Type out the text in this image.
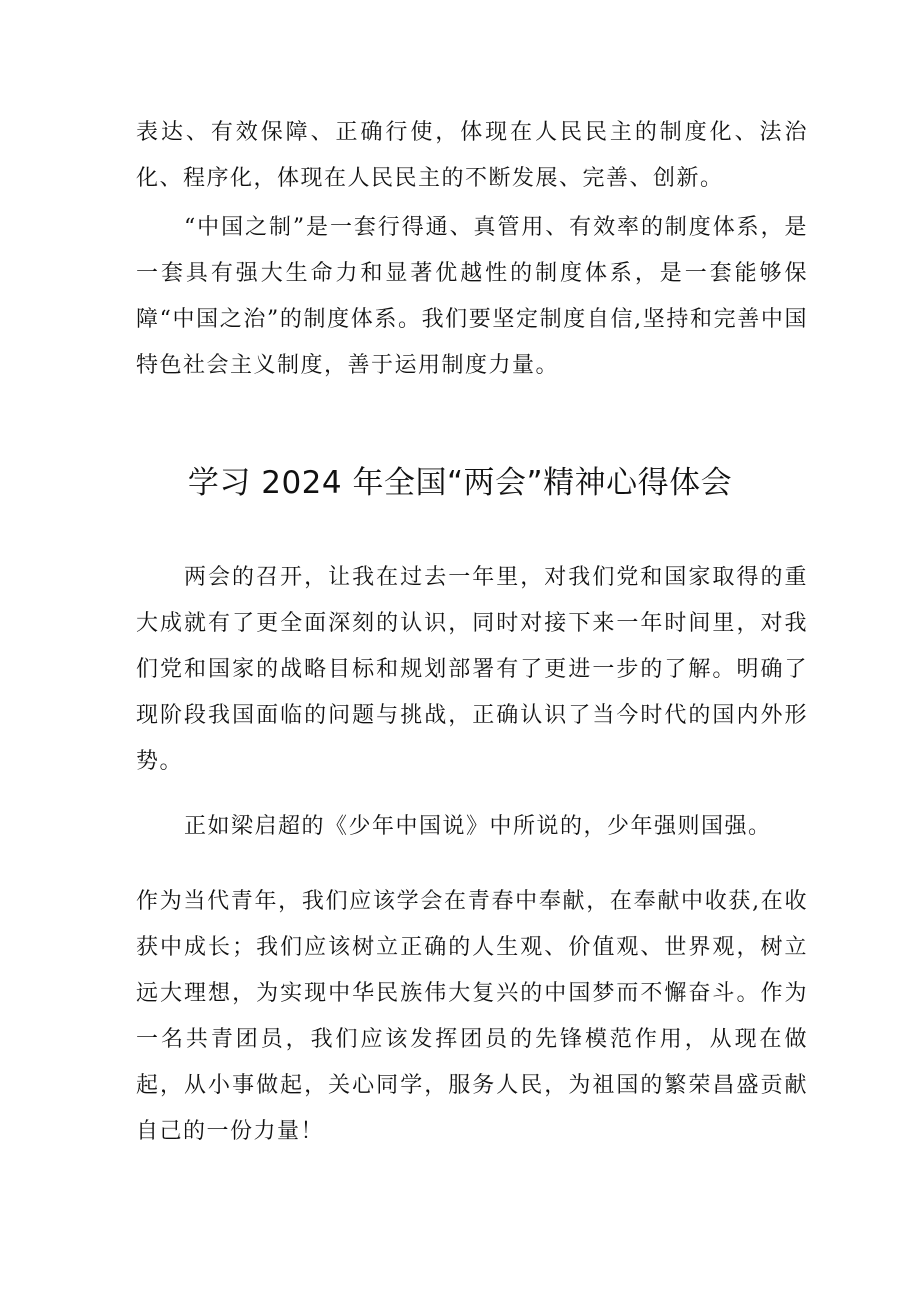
表达、有效保障、正确行使，体现在人民民主的制度化、法治化、程序化，体现在人民民主的不断发展、完善、创新。

“中国之制”是一套行得通、真管用、有效率的制度体系，是一套具有强大生命力和显著优越性的制度体系，是一套能够保障“中国之治”的制度体系。我们要坚定制度自信,坚持和完善中国特色社会主义制度，善于运用制度力量。

学习 2024 年全国“两会”精神心得体会

两会的召开，让我在过去一年里，对我们党和国家取得的重大成就有了更全面深刻的认识，同时对接下来一年时间里，对我们党和国家的战略目标和规划部署有了更进一步的了解。明确了现阶段我国面临的问题与挑战，正确认识了当今时代的国内外形势。

正如梁启超的《少年中国说》中所说的，少年强则国强。

作为当代青年，我们应该学会在青春中奉献，在奉献中收获,在收获中成长；我们应该树立正确的人生观、价值观、世界观，树立远大理想，为实现中华民族伟大复兴的中国梦而不懈奋斗。作为一名共青团员，我们应该发挥团员的先锋模范作用，从现在做起，从小事做起，关心同学，服务人民，为祖国的繁荣昌盛贡献自己的一份力量！
